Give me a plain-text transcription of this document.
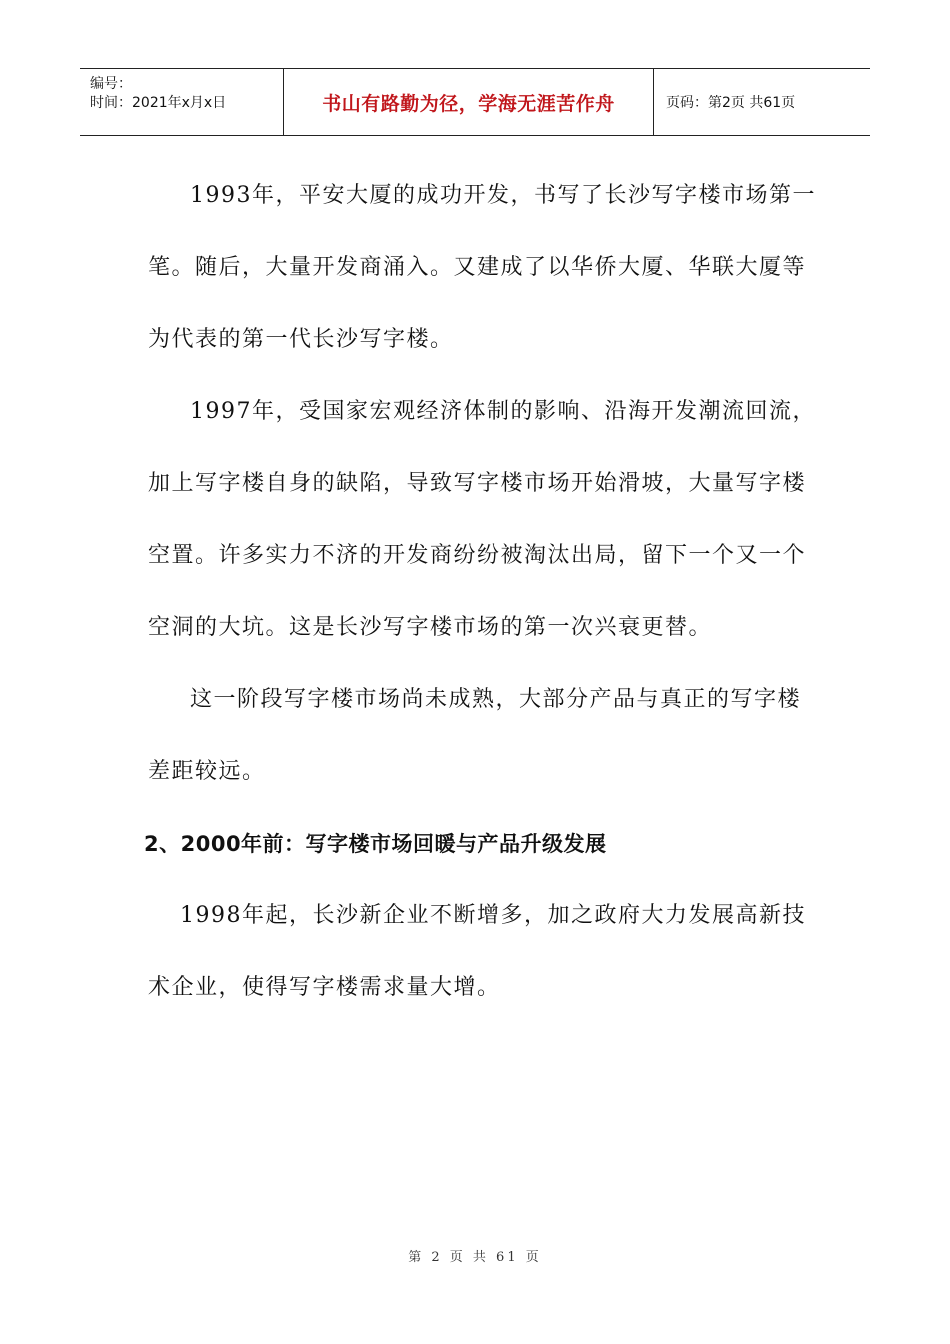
编号：
时间：2021年x月x日	书山有路勤为径，学海无涯苦作舟	页码：第2页 共61页

1993年，平安大厦的成功开发，书写了长沙写字楼市场第一笔。随后，大量开发商涌入。又建成了以华侨大厦、华联大厦等为代表的第一代长沙写字楼。

1997年，受国家宏观经济体制的影响、沿海开发潮流回流，加上写字楼自身的缺陷，导致写字楼市场开始滑坡，大量写字楼空置。许多实力不济的开发商纷纷被淘汰出局，留下一个又一个空洞的大坑。这是长沙写字楼市场的第一次兴衰更替。

这一阶段写字楼市场尚未成熟，大部分产品与真正的写字楼差距较远。

2、2000年前：写字楼市场回暖与产品升级发展

1998年起，长沙新企业不断增多，加之政府大力发展高新技术企业，使得写字楼需求量大增。

第 2 页 共 61 页
